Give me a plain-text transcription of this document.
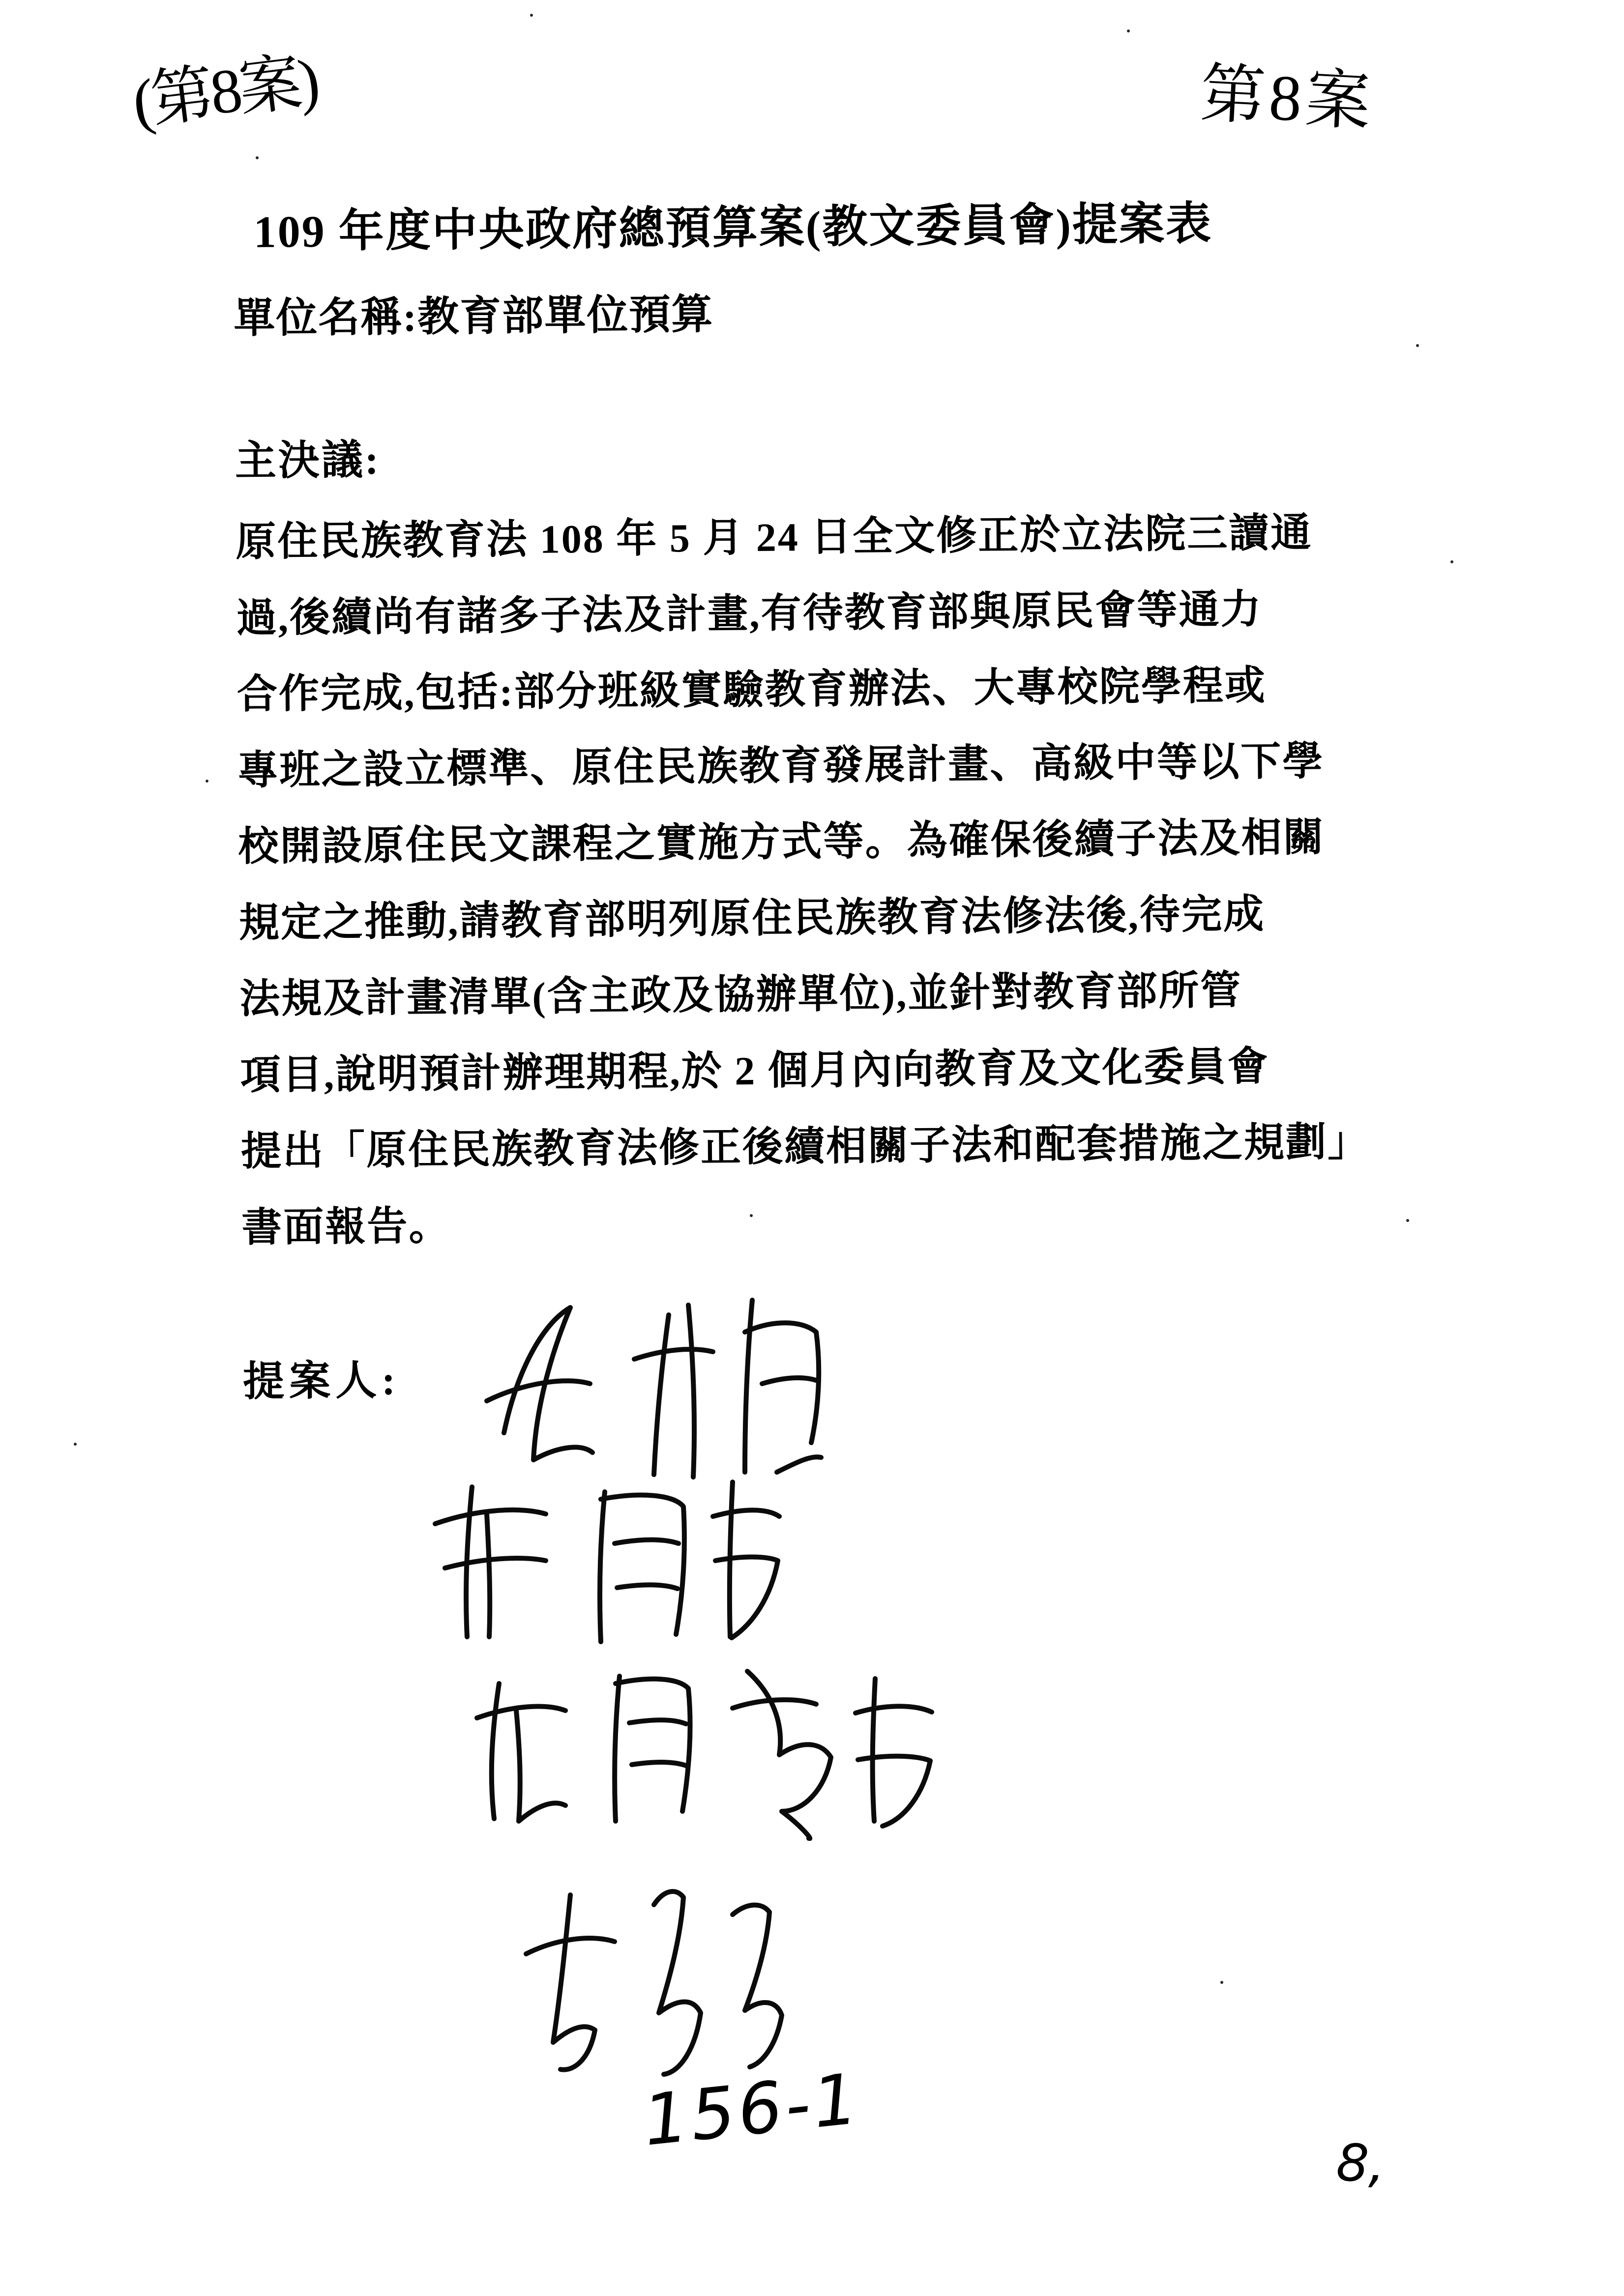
(第8案)	第8案
109 年度中央政府總預算案(教文委員會)提案表
單位名稱:教育部單位預算
主決議:
原住民族教育法 108 年 5 月 24 日全文修正於立法院三讀通
過,後續尚有諸多子法及計畫,有待教育部與原民會等通力
合作完成,包括:部分班級實驗教育辦法、大專校院學程或
專班之設立標準、原住民族教育發展計畫、高級中等以下學
校開設原住民文課程之實施方式等。為確保後續子法及相關
規定之推動,請教育部明列原住民族教育法修法後,待完成
法規及計畫清單(含主政及協辦單位),並針對教育部所管
項目,說明預計辦理期程,於 2 個月內向教育及文化委員會
提出「原住民族教育法修正後續相關子法和配套措施之規劃」
書面報告。
提案人:
156-1
8,
